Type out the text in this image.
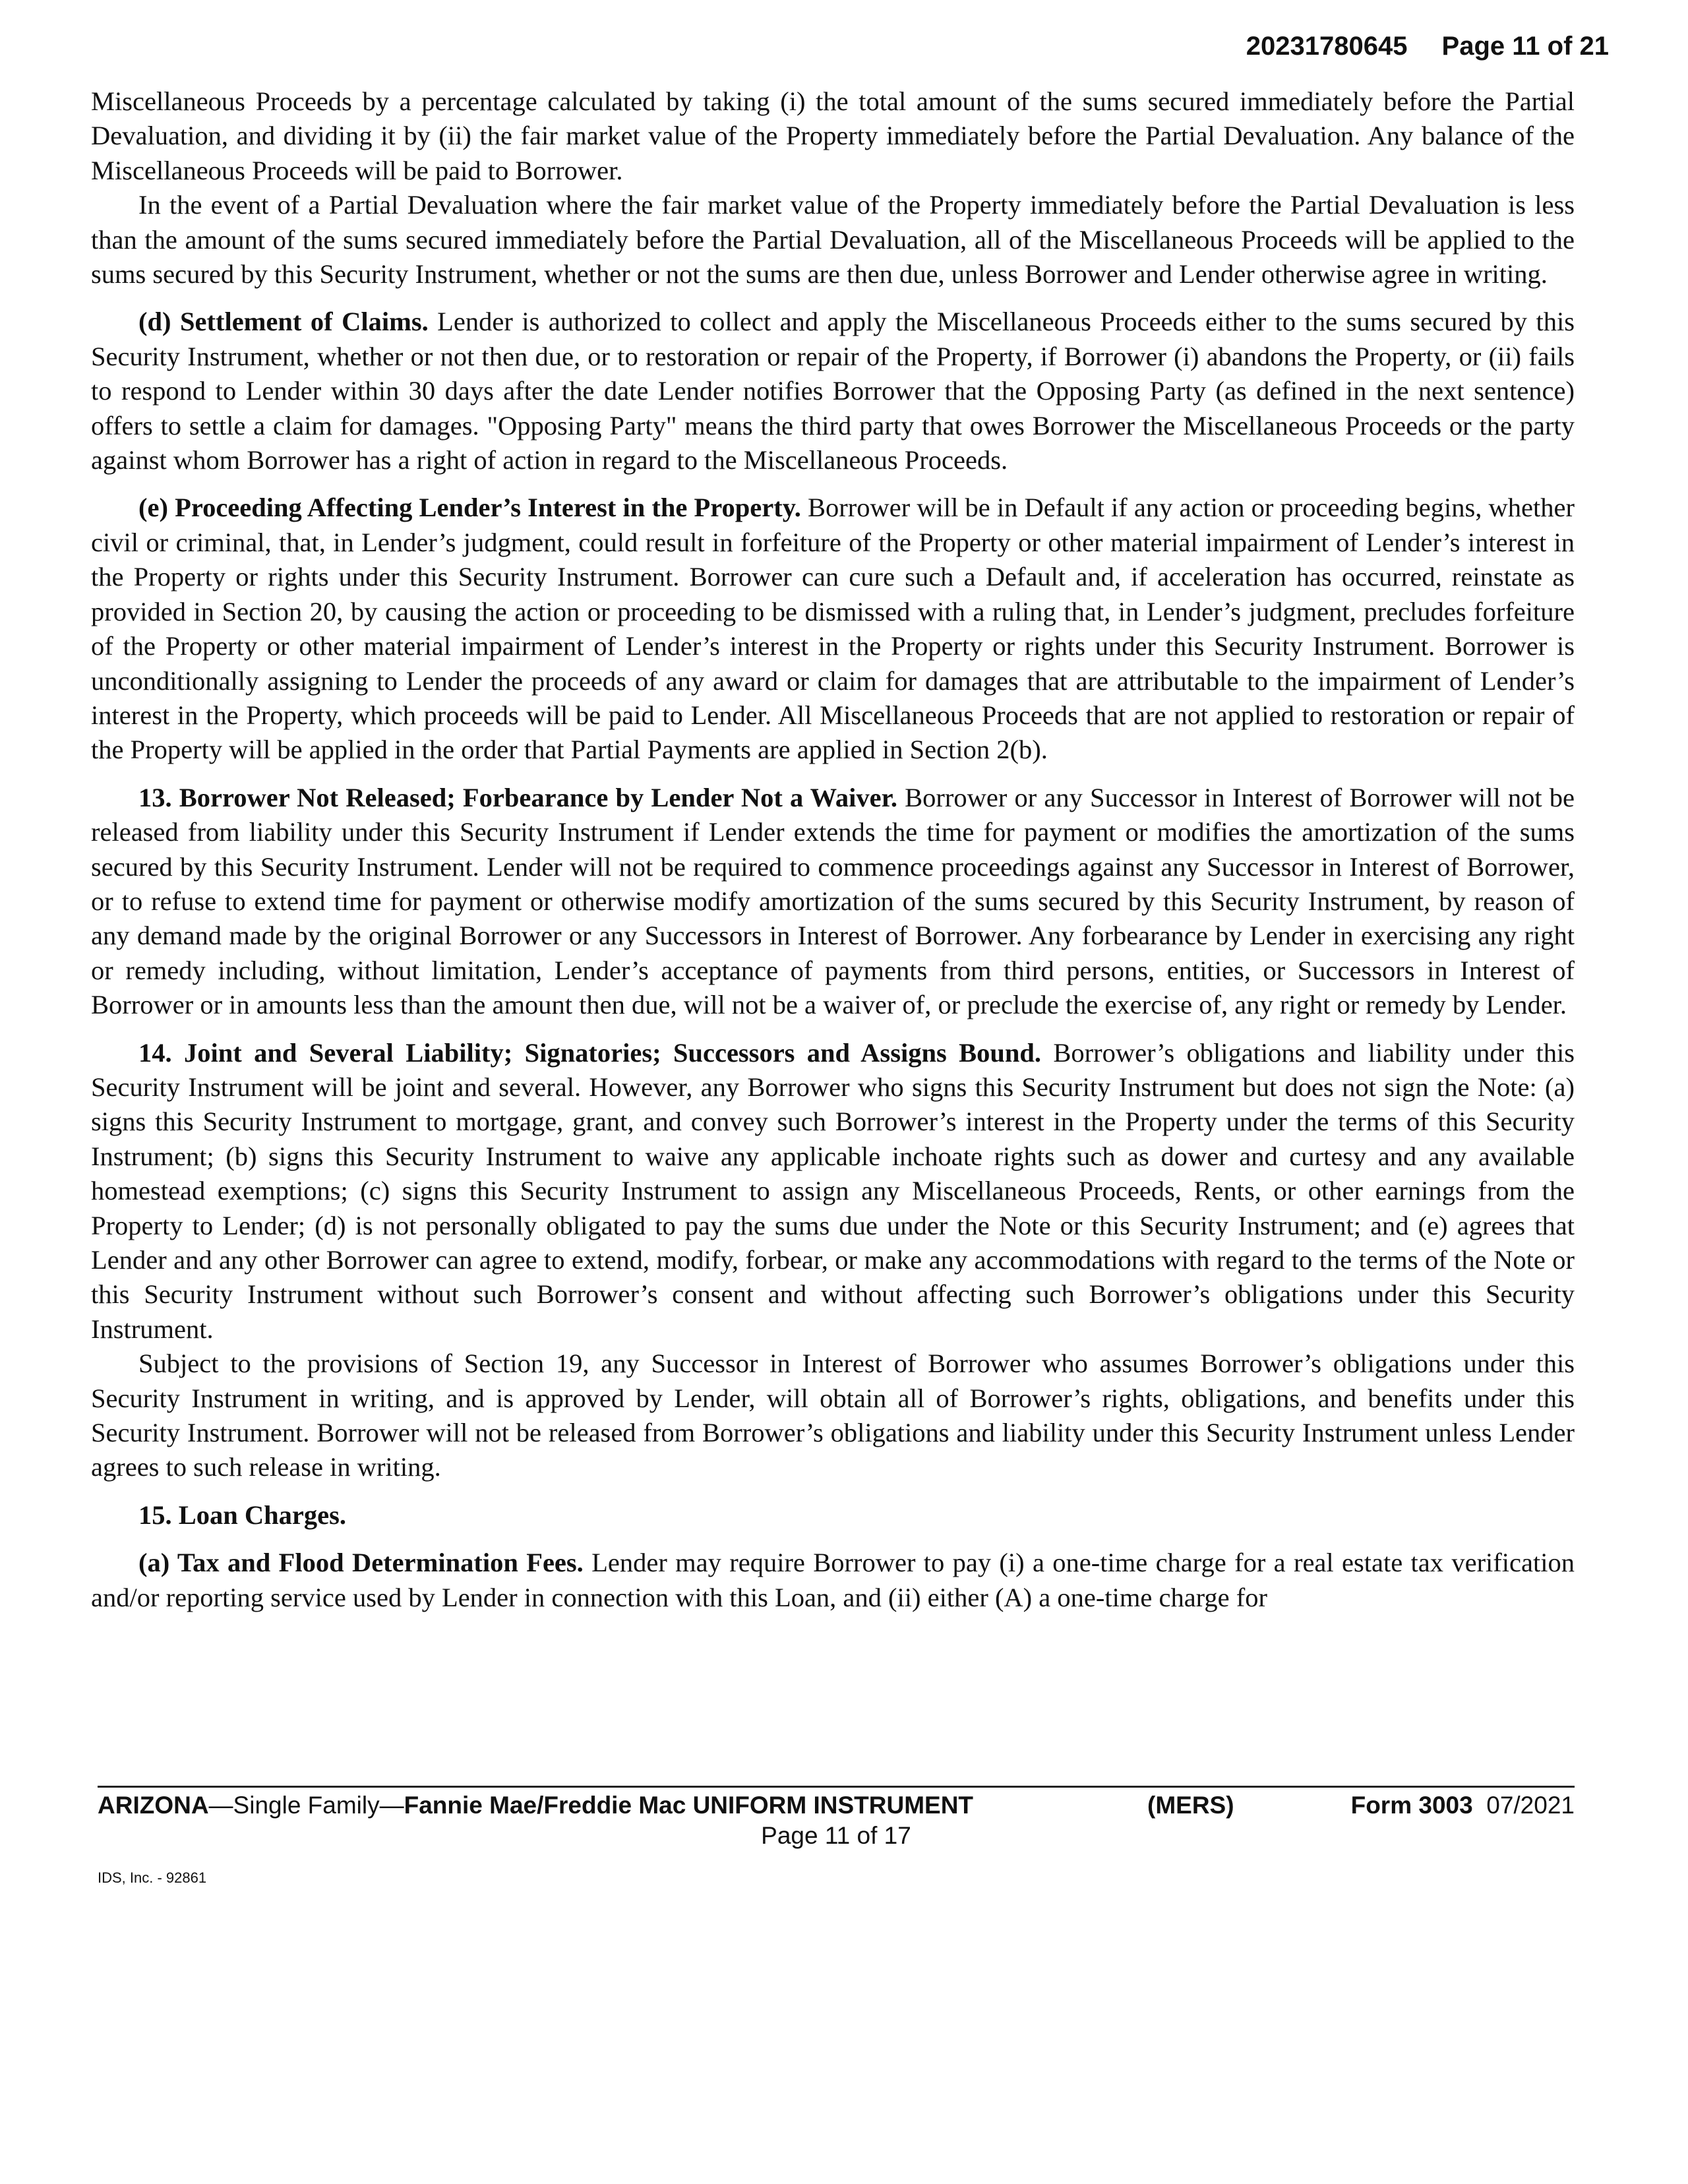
20231780645 Page 11 of 21

Miscellaneous Proceeds by a percentage calculated by taking (i) the total amount of the sums secured immediately before the Partial Devaluation, and dividing it by (ii) the fair market value of the Property immediately before the Partial Devaluation. Any balance of the Miscellaneous Proceeds will be paid to Borrower.

In the event of a Partial Devaluation where the fair market value of the Property immediately before the Partial Devaluation is less than the amount of the sums secured immediately before the Partial Devaluation, all of the Miscellaneous Proceeds will be applied to the sums secured by this Security Instrument, whether or not the sums are then due, unless Borrower and Lender otherwise agree in writing.

(d) Settlement of Claims. Lender is authorized to collect and apply the Miscellaneous Proceeds either to the sums secured by this Security Instrument, whether or not then due, or to restoration or repair of the Property, if Borrower (i) abandons the Property, or (ii) fails to respond to Lender within 30 days after the date Lender notifies Borrower that the Opposing Party (as defined in the next sentence) offers to settle a claim for damages. "Opposing Party" means the third party that owes Borrower the Miscellaneous Proceeds or the party against whom Borrower has a right of action in regard to the Miscellaneous Proceeds.

(e) Proceeding Affecting Lender’s Interest in the Property. Borrower will be in Default if any action or proceeding begins, whether civil or criminal, that, in Lender’s judgment, could result in forfeiture of the Property or other material impairment of Lender’s interest in the Property or rights under this Security Instrument. Borrower can cure such a Default and, if acceleration has occurred, reinstate as provided in Section 20, by causing the action or proceeding to be dismissed with a ruling that, in Lender’s judgment, precludes forfeiture of the Property or other material impairment of Lender’s interest in the Property or rights under this Security Instrument. Borrower is unconditionally assigning to Lender the proceeds of any award or claim for damages that are attributable to the impairment of Lender’s interest in the Property, which proceeds will be paid to Lender. All Miscellaneous Proceeds that are not applied to restoration or repair of the Property will be applied in the order that Partial Payments are applied in Section 2(b).

13. Borrower Not Released; Forbearance by Lender Not a Waiver. Borrower or any Successor in Interest of Borrower will not be released from liability under this Security Instrument if Lender extends the time for payment or modifies the amortization of the sums secured by this Security Instrument. Lender will not be required to commence proceedings against any Successor in Interest of Borrower, or to refuse to extend time for payment or otherwise modify amortization of the sums secured by this Security Instrument, by reason of any demand made by the original Borrower or any Successors in Interest of Borrower. Any forbearance by Lender in exercising any right or remedy including, without limitation, Lender’s acceptance of payments from third persons, entities, or Successors in Interest of Borrower or in amounts less than the amount then due, will not be a waiver of, or preclude the exercise of, any right or remedy by Lender.

14. Joint and Several Liability; Signatories; Successors and Assigns Bound. Borrower’s obligations and liability under this Security Instrument will be joint and several. However, any Borrower who signs this Security Instrument but does not sign the Note: (a) signs this Security Instrument to mortgage, grant, and convey such Borrower’s interest in the Property under the terms of this Security Instrument; (b) signs this Security Instrument to waive any applicable inchoate rights such as dower and curtesy and any available homestead exemptions; (c) signs this Security Instrument to assign any Miscellaneous Proceeds, Rents, or other earnings from the Property to Lender; (d) is not personally obligated to pay the sums due under the Note or this Security Instrument; and (e) agrees that Lender and any other Borrower can agree to extend, modify, forbear, or make any accommodations with regard to the terms of the Note or this Security Instrument without such Borrower’s consent and without affecting such Borrower’s obligations under this Security Instrument.

Subject to the provisions of Section 19, any Successor in Interest of Borrower who assumes Borrower’s obligations under this Security Instrument in writing, and is approved by Lender, will obtain all of Borrower’s rights, obligations, and benefits under this Security Instrument. Borrower will not be released from Borrower’s obligations and liability under this Security Instrument unless Lender agrees to such release in writing.

15. Loan Charges.

(a) Tax and Flood Determination Fees. Lender may require Borrower to pay (i) a one-time charge for a real estate tax verification and/or reporting service used by Lender in connection with this Loan, and (ii) either (A) a one-time charge for

ARIZONA—Single Family—Fannie Mae/Freddie Mac UNIFORM INSTRUMENT	(MERS)	Form 3003 07/2021
Page 11 of 17
IDS, Inc. - 92861
